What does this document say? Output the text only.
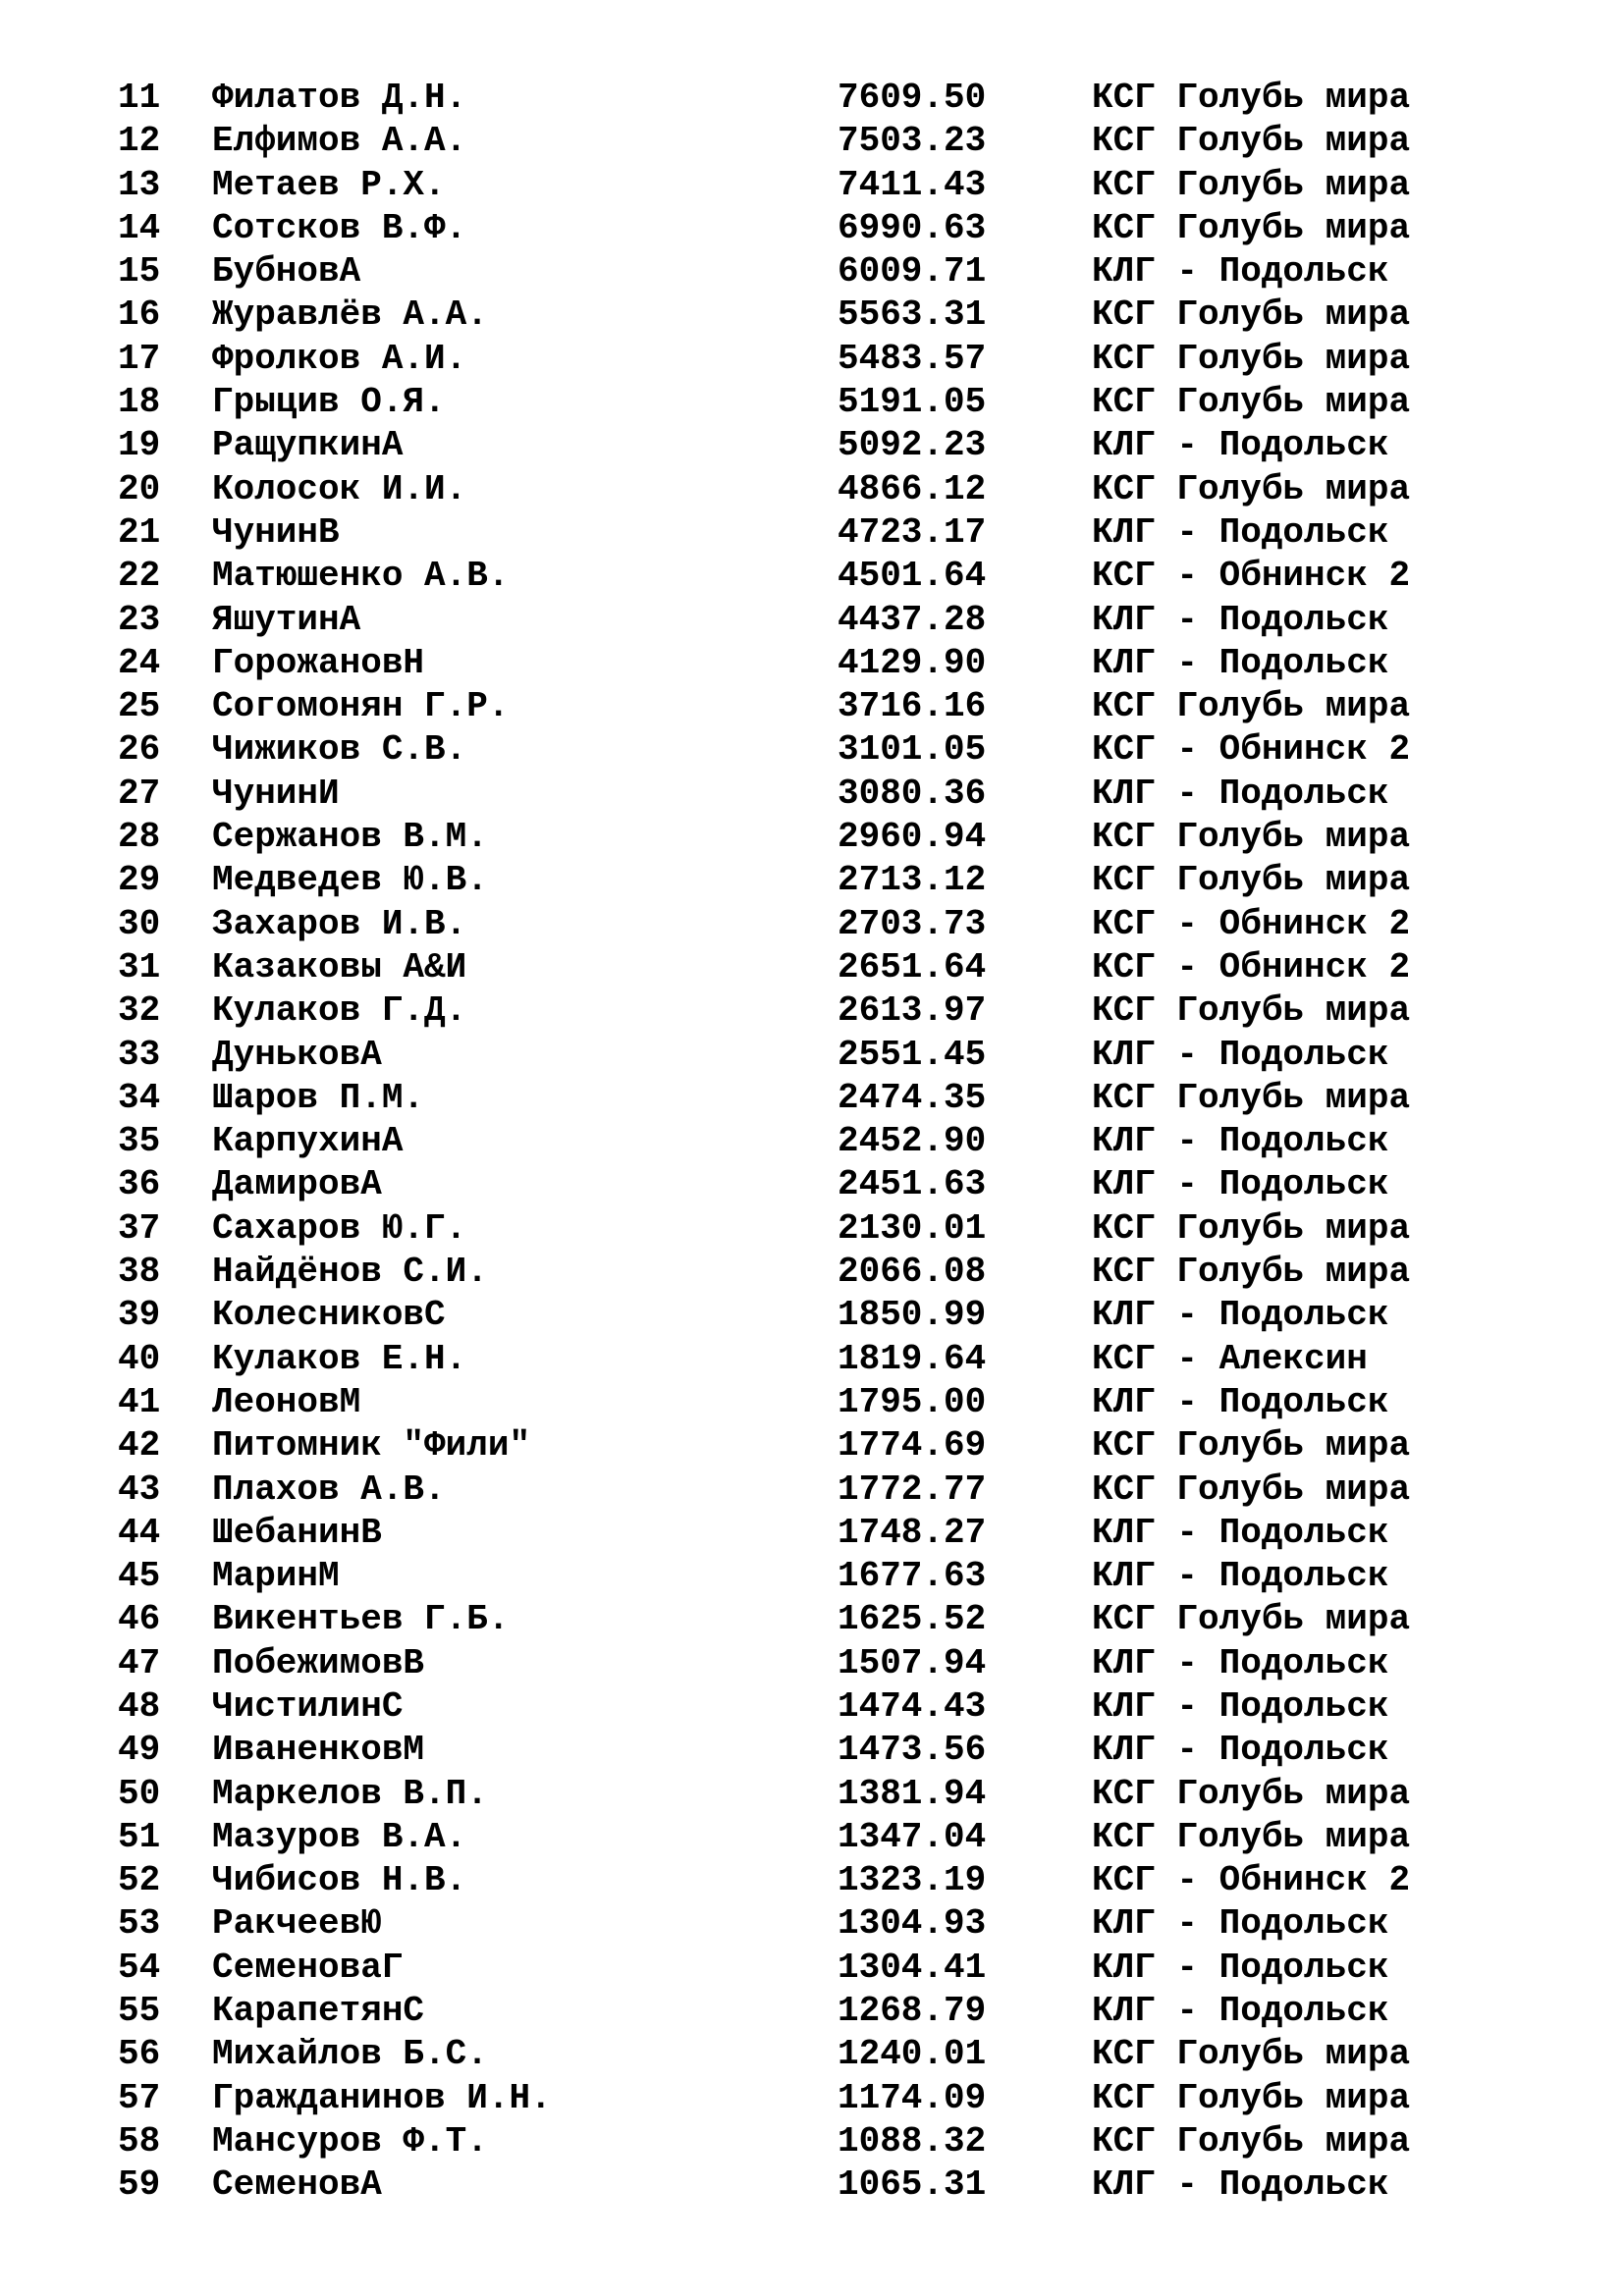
11	Филатов Д.Н.	7609.50	КСГ Голубь мира
12	Елфимов А.А.	7503.23	КСГ Голубь мира
13	Метаев Р.Х.	7411.43	КСГ Голубь мира
14	Сотсков В.Ф.	6990.63	КСГ Голубь мира
15	БубновА	6009.71	КЛГ - Подольск
16	Журавлёв А.А.	5563.31	КСГ Голубь мира
17	Фролков А.И.	5483.57	КСГ Голубь мира
18	Грыцив О.Я.	5191.05	КСГ Голубь мира
19	РащупкинА	5092.23	КЛГ - Подольск
20	Колосок И.И.	4866.12	КСГ Голубь мира
21	ЧунинВ	4723.17	КЛГ - Подольск
22	Матюшенко А.В.	4501.64	КСГ - Обнинск 2
23	ЯшутинА	4437.28	КЛГ - Подольск
24	ГорожановН	4129.90	КЛГ - Подольск
25	Согомонян Г.Р.	3716.16	КСГ Голубь мира
26	Чижиков С.В.	3101.05	КСГ - Обнинск 2
27	ЧунинИ	3080.36	КЛГ - Подольск
28	Сержанов В.М.	2960.94	КСГ Голубь мира
29	Медведев Ю.В.	2713.12	КСГ Голубь мира
30	Захаров И.В.	2703.73	КСГ - Обнинск 2
31	Казаковы А&И	2651.64	КСГ - Обнинск 2
32	Кулаков Г.Д.	2613.97	КСГ Голубь мира
33	ДуньковА	2551.45	КЛГ - Подольск
34	Шаров П.М.	2474.35	КСГ Голубь мира
35	КарпухинА	2452.90	КЛГ - Подольск
36	ДамировА	2451.63	КЛГ - Подольск
37	Сахаров Ю.Г.	2130.01	КСГ Голубь мира
38	Найдёнов С.И.	2066.08	КСГ Голубь мира
39	КолесниковС	1850.99	КЛГ - Подольск
40	Кулаков Е.Н.	1819.64	КСГ - Алексин
41	ЛеоновМ	1795.00	КЛГ - Подольск
42	Питомник "Фили"	1774.69	КСГ Голубь мира
43	Плахов А.В.	1772.77	КСГ Голубь мира
44	ШебанинВ	1748.27	КЛГ - Подольск
45	МаринМ	1677.63	КЛГ - Подольск
46	Викентьев Г.Б.	1625.52	КСГ Голубь мира
47	ПобежимовВ	1507.94	КЛГ - Подольск
48	ЧистилинС	1474.43	КЛГ - Подольск
49	ИваненковМ	1473.56	КЛГ - Подольск
50	Маркелов В.П.	1381.94	КСГ Голубь мира
51	Мазуров В.А.	1347.04	КСГ Голубь мира
52	Чибисов Н.В.	1323.19	КСГ - Обнинск 2
53	РакчеевЮ	1304.93	КЛГ - Подольск
54	СеменоваГ	1304.41	КЛГ - Подольск
55	КарапетянС	1268.79	КЛГ - Подольск
56	Михайлов Б.С.	1240.01	КСГ Голубь мира
57	Гражданинов И.Н.	1174.09	КСГ Голубь мира
58	Мансуров Ф.Т.	1088.32	КСГ Голубь мира
59	СеменовА	1065.31	КЛГ - Подольск
